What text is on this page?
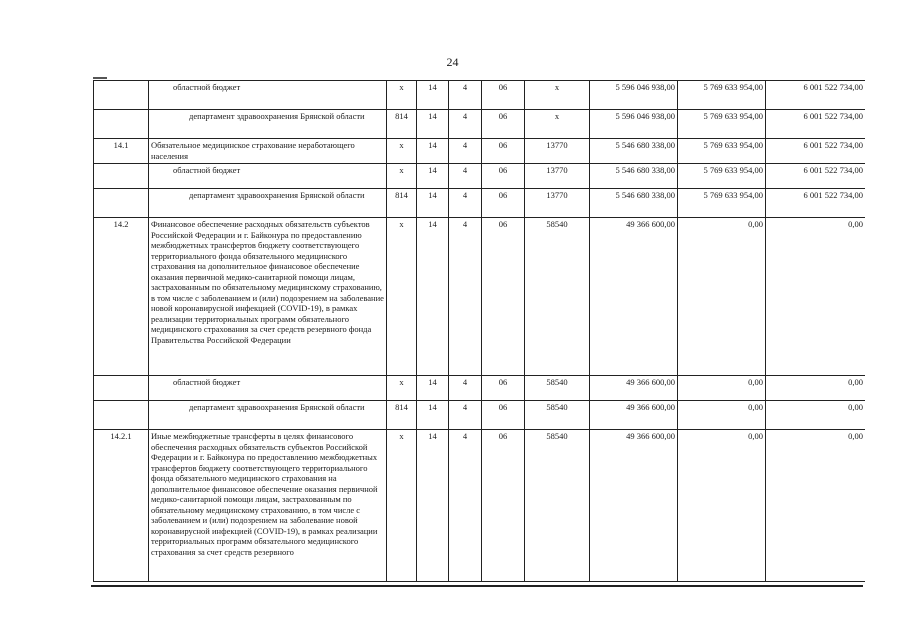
24
	областной бюджет	x	14	4	06	x	5 596 046 938,00	5 769 633 954,00	6 001 522 734,00
	департамент здравоохранения Брянской области	814	14	4	06	x	5 596 046 938,00	5 769 633 954,00	6 001 522 734,00
14.1	Обязательное медицинское страхование неработающего населения	x	14	4	06	13770	5 546 680 338,00	5 769 633 954,00	6 001 522 734,00
	областной бюджет	x	14	4	06	13770	5 546 680 338,00	5 769 633 954,00	6 001 522 734,00
	департамент здравоохранения Брянской области	814	14	4	06	13770	5 546 680 338,00	5 769 633 954,00	6 001 522 734,00
14.2	Финансовое обеспечение расходных обязательств субъектов Российской Федерации и г. Байконура по предоставлению межбюджетных трансфертов бюджету соответствующего территориального фонда обязательного медицинского страхования на дополнительное финансовое обеспечение оказания первичной медико-санитарной помощи лицам, застрахованным по обязательному медицинскому страхованию, в том числе с заболеванием и (или) подозрением на заболевание новой коронавирусной инфекцией (COVID-19), в рамках реализации территориальных программ обязательного медицинского страхования за счет средств резервного фонда Правительства Российской Федерации	x	14	4	06	58540	49 366 600,00	0,00	0,00
	областной бюджет	x	14	4	06	58540	49 366 600,00	0,00	0,00
	департамент здравоохранения Брянской области	814	14	4	06	58540	49 366 600,00	0,00	0,00
14.2.1	Иные межбюджетные трансферты в целях финансового обеспечения расходных обязательств субъектов Российской Федерации и г. Байконура по предоставлению межбюджетных трансфертов бюджету соответствующего территориального фонда обязательного медицинского страхования на дополнительное финансовое обеспечение оказания первичной медико-санитарной помощи лицам, застрахованным по обязательному медицинскому страхованию, в том числе с заболеванием и (или) подозрением на заболевание новой коронавирусной инфекцией (COVID-19), в рамках реализации территориальных программ обязательного медицинского страхования за счет средств резервного	x	14	4	06	58540	49 366 600,00	0,00	0,00
